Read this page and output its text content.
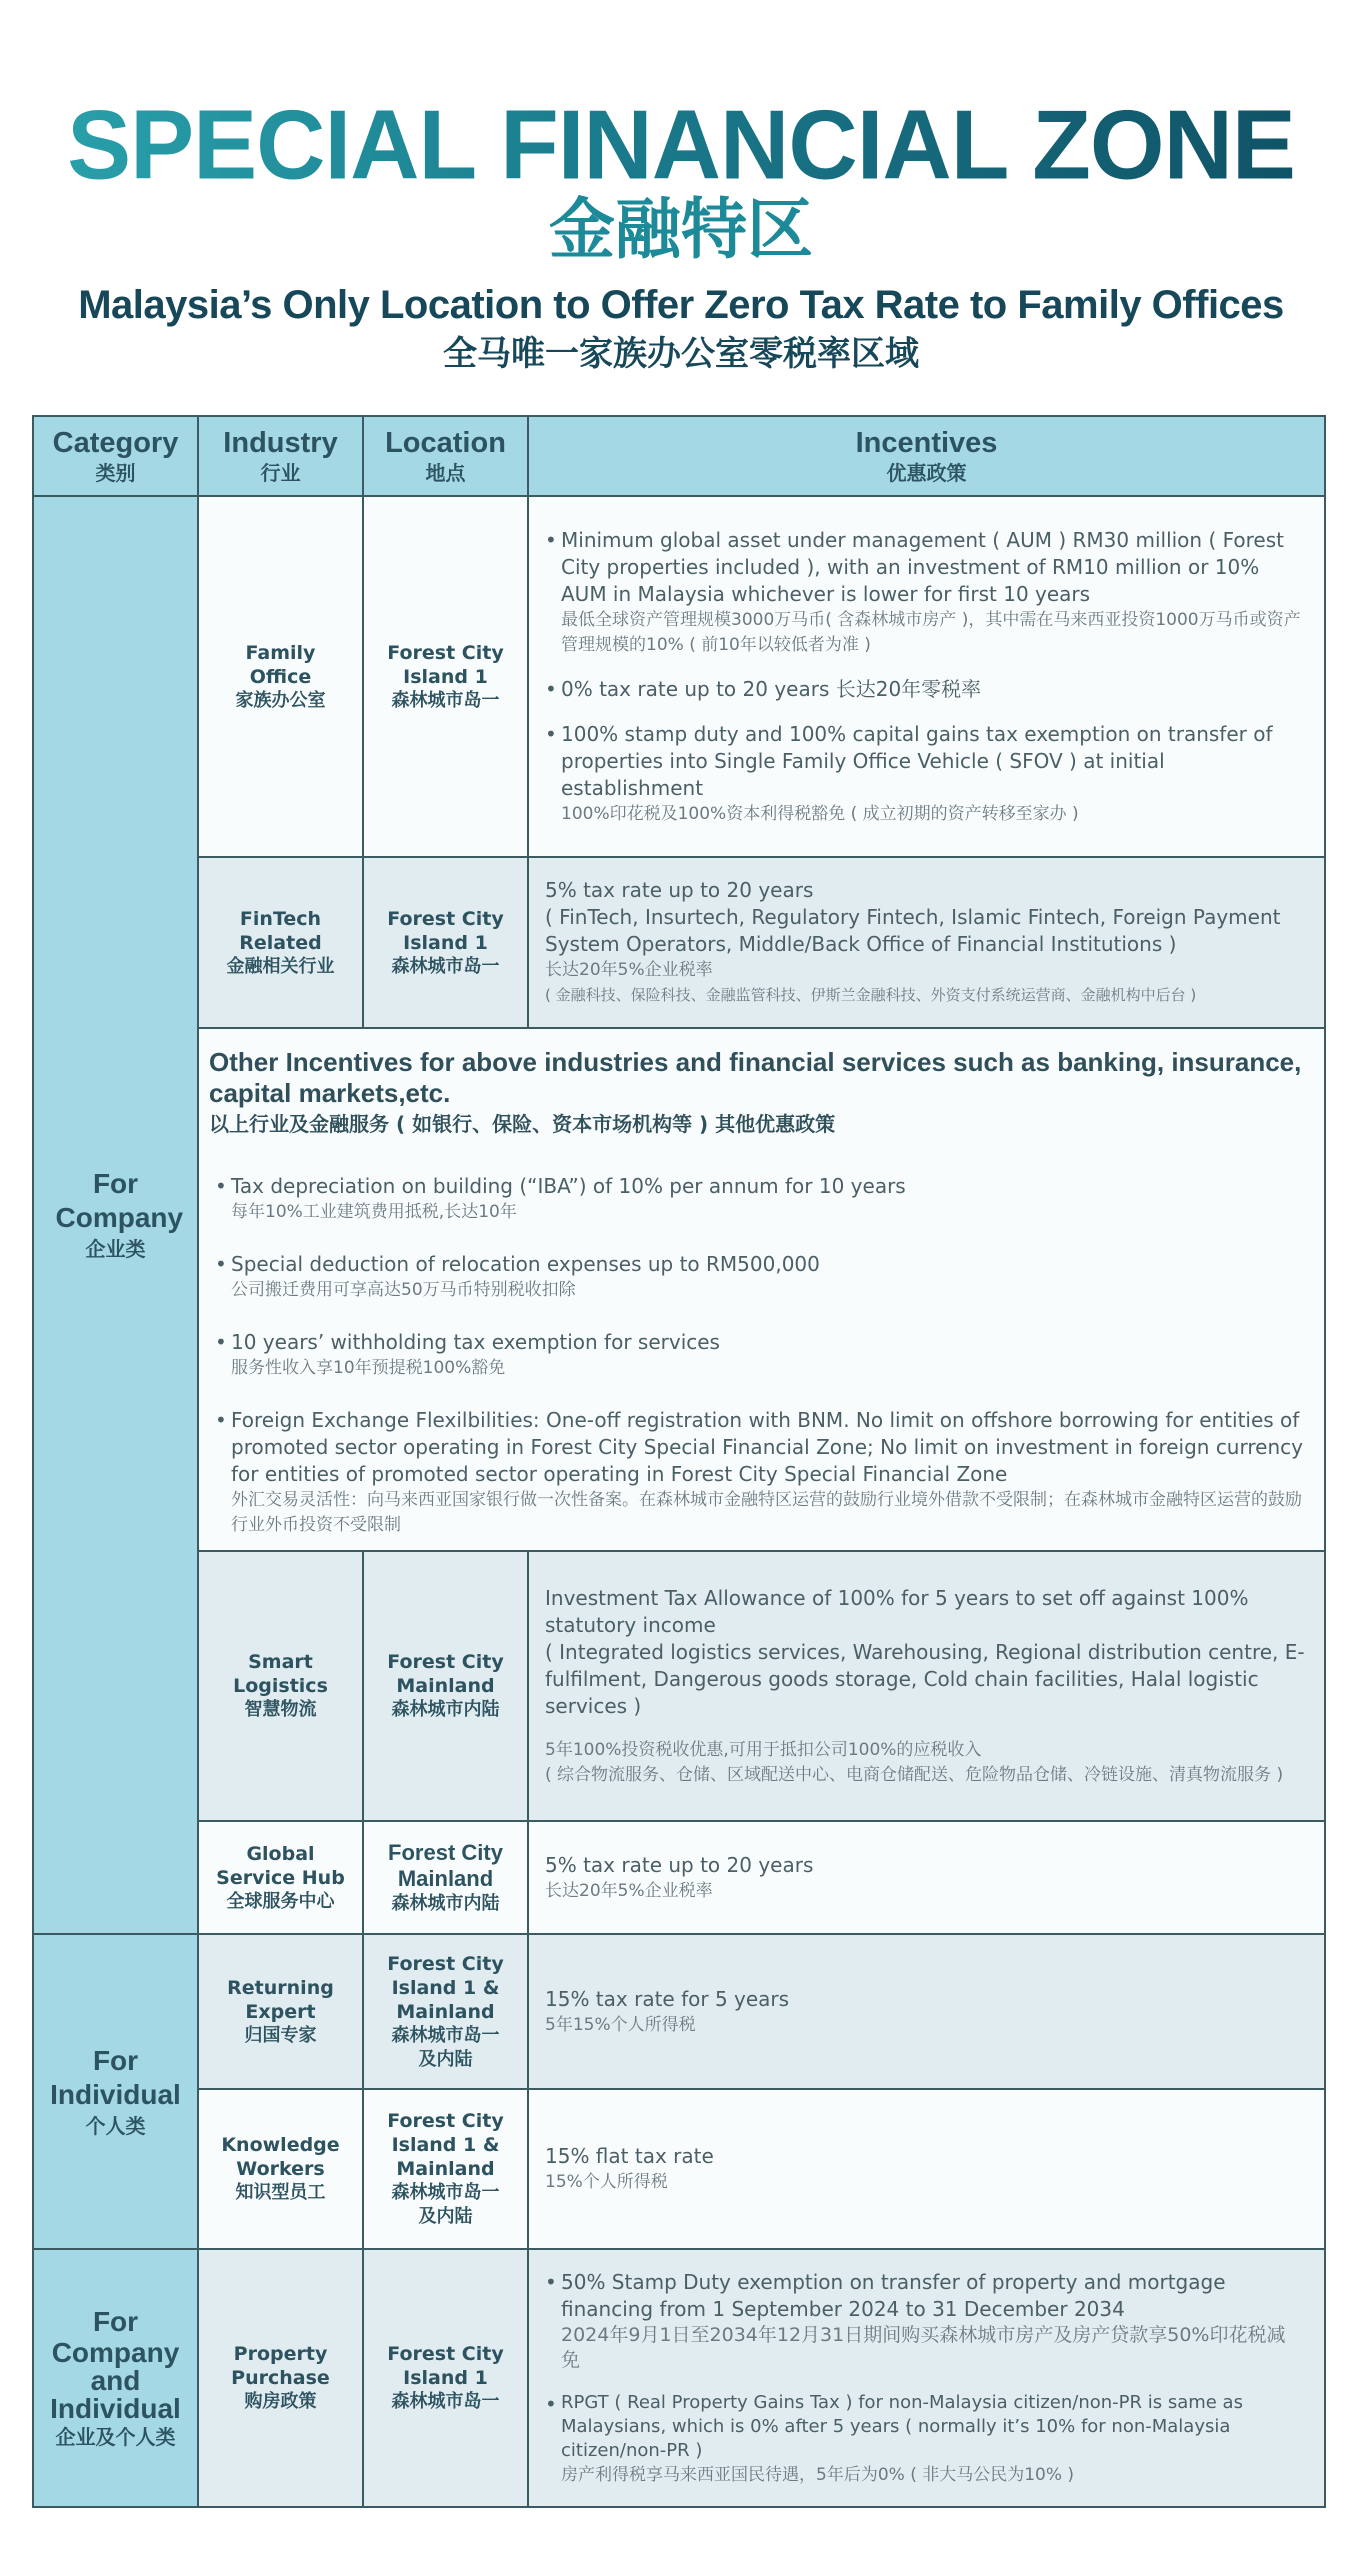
SPECIAL FINANCIAL ZONE
金融特区
Malaysia’s Only Location to Offer Zero Tax Rate to Family Offices
全马唯一家族办公室零税率区域
Category
类别
Industry
行业
Location
地点
Incentives
优惠政策
For Company
企业类
Family
Office
家族办公室
Forest City
Island 1
森林城市岛一
• Minimum global asset under management ( AUM ) RM30 million ( Forest City properties included ), with an investment of RM10 million or 10% AUM in Malaysia whichever is lower for first 10 years
最低全球资产管理规模3000万马币( 含森林城市房产 )，其中需在马来西亚投资1000万马币或资产管理规模的10% ( 前10年以较低者为准 )
• 0% tax rate up to 20 years 长达20年零税率
• 100% stamp duty and 100% capital gains tax exemption on transfer of properties into Single Family Office Vehicle ( SFOV ) at initial establishment
100%印花税及100%资本利得税豁免 ( 成立初期的资产转移至家办 )
FinTech
Related
金融相关行业
Forest City
Island 1
森林城市岛一
5% tax rate up to 20 years
( FinTech, Insurtech, Regulatory Fintech, Islamic Fintech, Foreign Payment System Operators, Middle/Back Office of Financial Institutions )
长达20年5%企业税率
( 金融科技、保险科技、金融监管科技、伊斯兰金融科技、外资支付系统运营商、金融机构中后台 )
Other Incentives for above industries and financial services such as banking, insurance, capital markets,etc.
以上行业及金融服务 ( 如银行、保险、资本市场机构等 ) 其他优惠政策
• Tax depreciation on building (“IBA”) of 10% per annum for 10 years
每年10%工业建筑费用抵税,长达10年
• Special deduction of relocation expenses up to RM500,000
公司搬迁费用可享高达50万马币特别税收扣除
• 10 years’ withholding tax exemption for services
服务性收入享10年预提税100%豁免
• Foreign Exchange Flexilbilities: One-off registration with BNM. No limit on offshore borrowing for entities of promoted sector operating in Forest City Special Financial Zone; No limit on investment in foreign currency for entities of promoted sector operating in Forest City Special Financial Zone
外汇交易灵活性：向马来西亚国家银行做一次性备案。在森林城市金融特区运营的鼓励行业境外借款不受限制；在森林城市金融特区运营的鼓励行业外币投资不受限制
Smart
Logistics
智慧物流
Forest City
Mainland
森林城市内陆
Investment Tax Allowance of 100% for 5 years to set off against 100% statutory income
( Integrated logistics services, Warehousing, Regional distribution centre, E-fulfilment, Dangerous goods storage, Cold chain facilities, Halal logistic services )
5年100%投资税收优惠,可用于抵扣公司100%的应税收入
( 综合物流服务、仓储、区域配送中心、电商仓储配送、危险物品仓储、冷链设施、清真物流服务 )
Global
Service Hub
全球服务中心
Forest City
Mainland
森林城市内陆
5% tax rate up to 20 years
长达20年5%企业税率
For Individual
个人类
Returning
Expert
归国专家
Forest City
Island 1 &
Mainland
森林城市岛一
及内陆
15% tax rate for 5 years
5年15%个人所得税
Knowledge
Workers
知识型员工
Forest City
Island 1 &
Mainland
森林城市岛一
及内陆
15% flat tax rate
15%个人所得税
For
Company
and
Individual
企业及个人类
Property
Purchase
购房政策
Forest City
Island 1
森林城市岛一
• 50% Stamp Duty exemption on transfer of property and mortgage financing from 1 September 2024 to 31 December 2034
2024年9月1日至2034年12月31日期间购买森林城市房产及房产贷款享50%印花税减免
• RPGT ( Real Property Gains Tax ) for non-Malaysia citizen/non-PR is same as Malaysians, which is 0% after 5 years ( normally it’s 10% for non-Malaysia citizen/non-PR )
房产利得税享马来西亚国民待遇，5年后为0% ( 非大马公民为10% )
